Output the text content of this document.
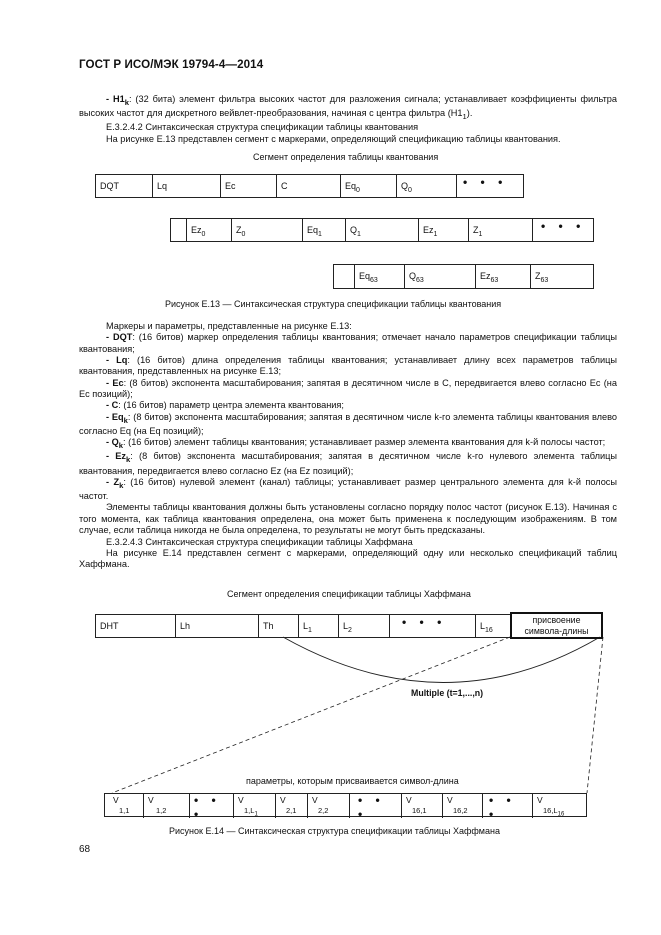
ГОСТ Р ИСО/МЭК 19794-4—2014

- $H1_k$: (32 бита) элемент фильтра высоких частот для разложения сигнала; устанавливает коэффициенты фильтра высоких частот для дискретного вейвлет-преобразования, начиная с центра фильтра $(H1_1)$.

E.3.2.4.2 Синтаксическая структура спецификации таблицы квантования

На рисунке E.13 представлен сегмент с маркерами, определяющий спецификацию таблицы квантования.

Сегмент определения таблицы квантования
DQT	Lq	Ec	C	$Eq_0$	$Q_0$
• • •
$Ez_0$	$Z_0$	$Eq_1$	$Q_1$	$Ez_1$	$Z_1$
• • •
$Eq_{63}$	$Q_{63}$	$Ez_{63}$	$Z_{63}$
Рисунок E.13 — Синтаксическая структура спецификации таблицы квантования

Маркеры и параметры, представленные на рисунке E.13:

- DQT: (16 битов) маркер определения таблицы квантования; отмечает начало параметров спецификации таблицы квантования;

- Lq: (16 битов) длина определения таблицы квантования; устанавливает длину всех параметров таблицы квантования, представленных на рисунке E.13;

- Ec: (8 битов) экспонента масштабирования; запятая в десятичном числе в C, передвигается влево согласно Ec (на Ec позиций);

- C: (16 битов) параметр центра элемента квантования;

- $Eq_k$: (8 битов) экспонента масштабирования; запятая в десятичном числе k-го элемента таблицы квантования влево согласно Eq (на Eq позиций);

- $Q_k$: (16 битов) элемент таблицы квантования; устанавливает размер элемента квантования для k-й полосы частот;

- $Ez_k$: (8 битов) экспонента масштабирования; запятая в десятичном числе k-го нулевого элемента таблицы квантования, передвигается влево согласно Ez (на Ez позиций);

- $Z_k$: (16 битов) нулевой элемент (канал) таблицы; устанавливает размер центрального элемента для k-й полосы частот.

Элементы таблицы квантования должны быть установлены согласно порядку полос частот (рисунок E.13). Начиная с того момента, как таблица квантования определена, она может быть применена к последующим изображениям. В том случае, если таблица никогда не была определена, то результаты не могут быть предсказаны.

E.3.2.4.3 Синтаксическая структура спецификации таблицы Хаффмана

На рисунке E.14 представлен сегмент с маркерами, определяющий одну или несколько спецификаций таблиц Хаффмана.

Сегмент определения спецификации таблицы Хаффмана
DHT	Lh	Th	$L_1$	$L_2$
• • •	$L_{16}$
присвоение
символа-длины
Multiple (t=1,...,n)
параметры, которым присваивается символ-длина
V
1,1
V
1,2
• • •
V
$1,L_1$
V
2,1
V
2,2
• • •
V
16,1
V
16,2
• • •
V
$16,L_{16}$
Рисунок E.14 — Синтаксическая структура спецификации таблицы Хаффмана
68
